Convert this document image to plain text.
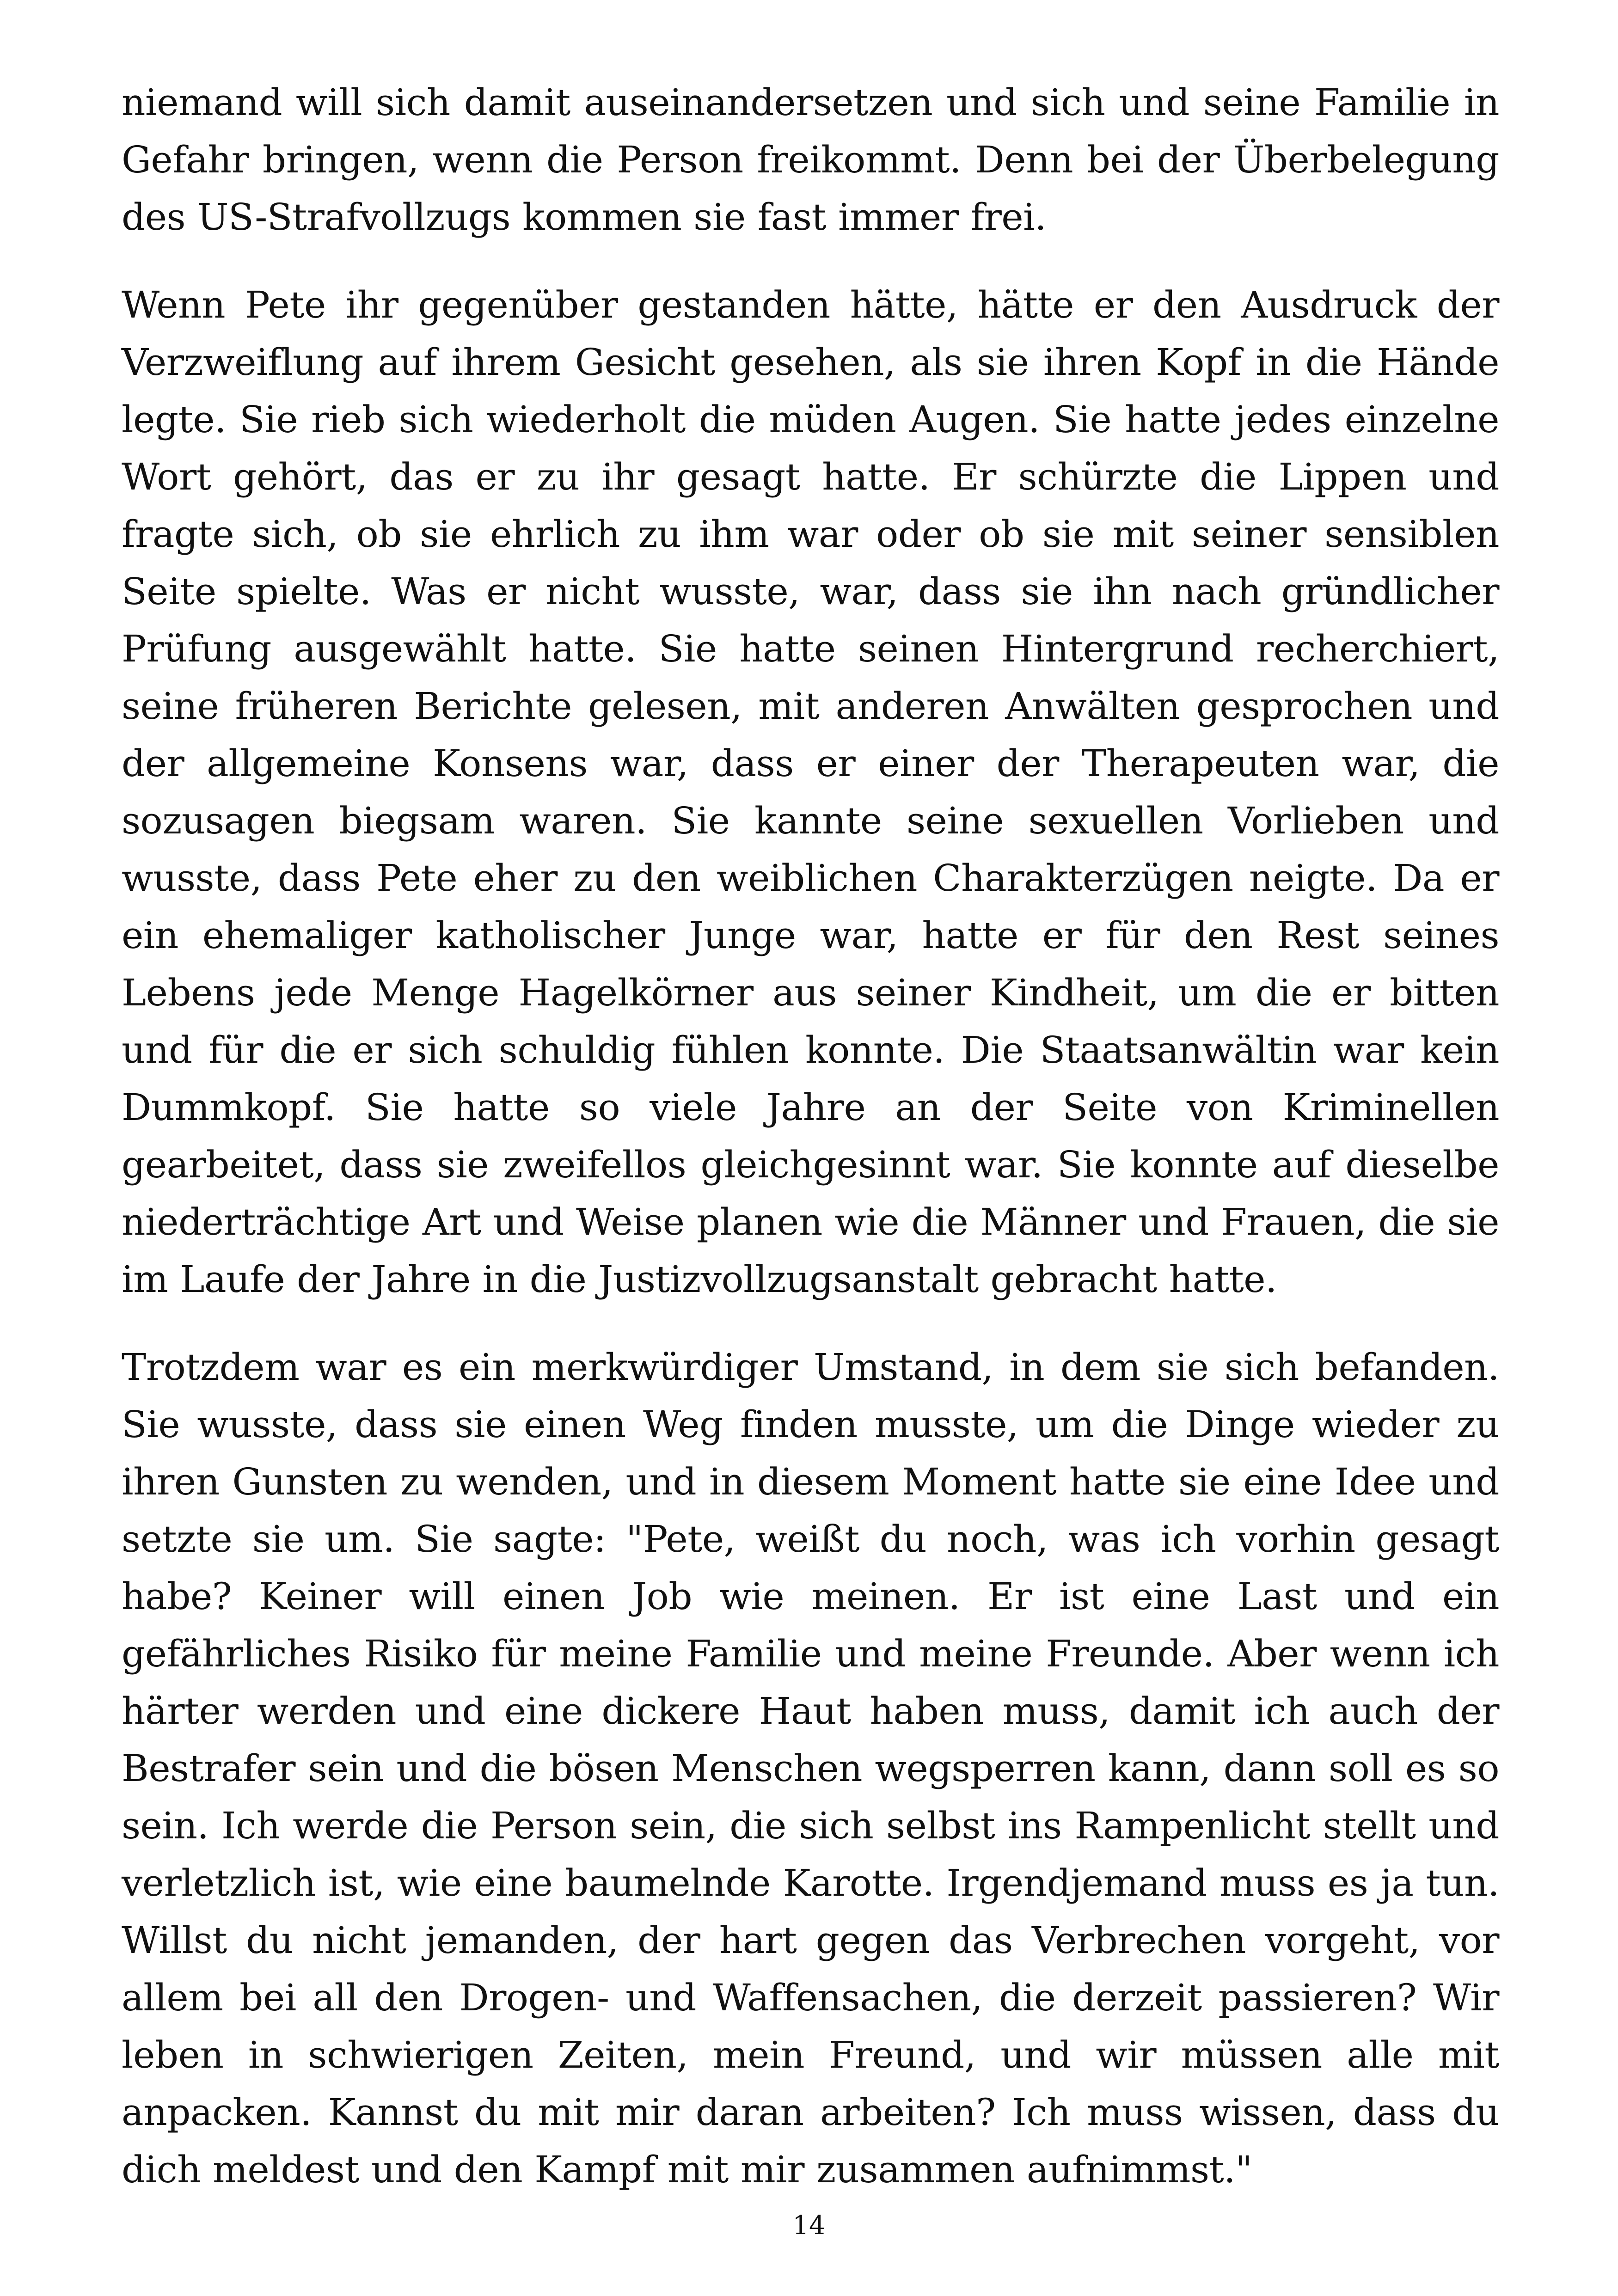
niemand will sich damit auseinandersetzen und sich und seine Familie in Gefahr bringen, wenn die Person freikommt. Denn bei der Überbelegung des US-Strafvollzugs kommen sie fast immer frei.

Wenn Pete ihr gegenüber gestanden hätte, hätte er den Ausdruck der Verzweiflung auf ihrem Gesicht gesehen, als sie ihren Kopf in die Hände legte. Sie rieb sich wiederholt die müden Augen. Sie hatte jedes einzelne Wort gehört, das er zu ihr gesagt hatte. Er schürzte die Lippen und fragte sich, ob sie ehrlich zu ihm war oder ob sie mit seiner sensiblen Seite spielte. Was er nicht wusste, war, dass sie ihn nach gründlicher Prüfung ausgewählt hatte. Sie hatte seinen Hintergrund recherchiert, seine früheren Berichte gelesen, mit anderen Anwälten gesprochen und der allgemeine Konsens war, dass er einer der Therapeuten war, die sozusagen biegsam waren. Sie kannte seine sexuellen Vorlieben und wusste, dass Pete eher zu den weiblichen Charakterzügen neigte. Da er ein ehemaliger katholischer Junge war, hatte er für den Rest seines Lebens jede Menge Hagelkörner aus seiner Kindheit, um die er bitten und für die er sich schuldig fühlen konnte. Die Staatsanwältin war kein Dummkopf. Sie hatte so viele Jahre an der Seite von Kriminellen gearbeitet, dass sie zweifellos gleichgesinnt war. Sie konnte auf dieselbe niederträchtige Art und Weise planen wie die Männer und Frauen, die sie im Laufe der Jahre in die Justizvollzugsanstalt gebracht hatte.

Trotzdem war es ein merkwürdiger Umstand, in dem sie sich befanden. Sie wusste, dass sie einen Weg finden musste, um die Dinge wieder zu ihren Gunsten zu wenden, und in diesem Moment hatte sie eine Idee und setzte sie um. Sie sagte: "Pete, weißt du noch, was ich vorhin gesagt habe? Keiner will einen Job wie meinen. Er ist eine Last und ein gefährliches Risiko für meine Familie und meine Freunde. Aber wenn ich härter werden und eine dickere Haut haben muss, damit ich auch der Bestrafer sein und die bösen Menschen wegsperren kann, dann soll es so sein. Ich werde die Person sein, die sich selbst ins Rampenlicht stellt und verletzlich ist, wie eine baumelnde Karotte. Irgendjemand muss es ja tun. Willst du nicht jemanden, der hart gegen das Verbrechen vorgeht, vor allem bei all den Drogen- und Waffensachen, die derzeit passieren? Wir leben in schwierigen Zeiten, mein Freund, und wir müssen alle mit anpacken. Kannst du mit mir daran arbeiten? Ich muss wissen, dass du dich meldest und den Kampf mit mir zusammen aufnimmst."

14
